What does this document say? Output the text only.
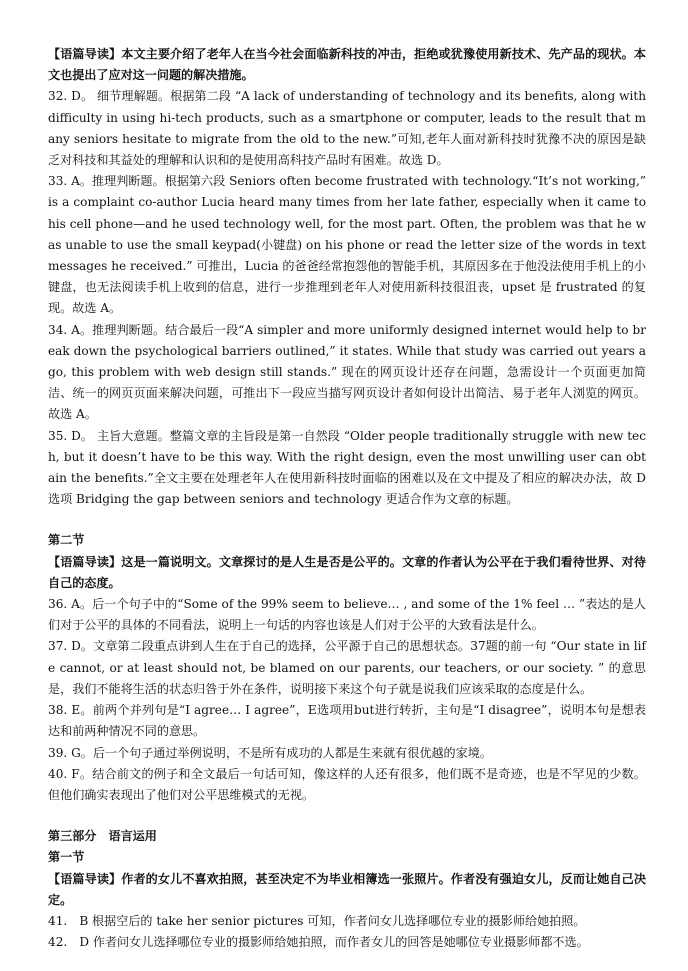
【语篇导读】本文主要介绍了老年人在当今社会面临新科技的冲击，拒绝或犹豫使用新技术、先产品的现状。本文也提出了应对这一问题的解决措施。

32. D。 细节理解题。根据第二段 “A lack of understanding of technology and its benefits, along with difficulty in using hi-tech products, such as a smartphone or computer, leads to the result that many seniors hesitate to migrate from the old to the new.”可知,老年人面对新科技时犹豫不决的原因是缺乏对科技和其益处的理解和认识和的是使用高科技产品时有困难。故选 D。

33. A。推理判断题。根据第六段 Seniors often become frustrated with technology.“It’s not working,” is a complaint co-author Lucia heard many times from her late father, especially when it came to his cell phone—and he used technology well, for the most part. Often, the problem was that he was unable to use the small keypad(小键盘) on his phone or read the letter size of the words in text messages he received.” 可推出，Lucia 的爸爸经常抱怨他的智能手机，其原因多在于他没法使用手机上的小键盘，也无法阅读手机上收到的信息，进行一步推理到老年人对使用新科技很沮丧，upset 是 frustrated 的复现。故选 A。

34. A。推理判断题。结合最后一段“A simpler and more uniformly designed internet would help to break down the psychological barriers outlined,” it states. While that study was carried out years ago, this problem with web design still stands.” 现在的网页设计还存在问题，急需设计一个页面更加简洁、统一的网页页面来解决问题，可推出下一段应当描写网页设计者如何设计出简洁、易于老年人浏览的网页。故选 A。

35. D。 主旨大意题。整篇文章的主旨段是第一自然段 “Older people traditionally struggle with new tech, but it doesn’t have to be this way. With the right design, even the most unwilling user can obtain the benefits.”全文主要在处理老年人在使用新科技时面临的困难以及在文中提及了相应的解决办法，故 D 选项 Bridging the gap between seniors and technology 更适合作为文章的标题。

第二节

【语篇导读】这是一篇说明文。文章探讨的是人生是否是公平的。文章的作者认为公平在于我们看待世界、对待自己的态度。

36. A。后一个句子中的“Some of the 99% seem to believe… , and some of the 1% feel … ”表达的是人们对于公平的具体的不同看法，说明上一句话的内容也该是人们对于公平的大致看法是什么。

37. D。文章第二段重点讲到人生在于自己的选择，公平源于自己的思想状态。37题的前一句 “Our state in life cannot, or at least should not, be blamed on our parents, our teachers, or our society. ” 的意思是，我们不能将生活的状态归咎于外在条件，说明接下来这个句子就是说我们应该采取的态度是什么。

38. E。前两个并列句是“I agree… I agree”，E选项用but进行转折，主句是“I disagree”，说明本句是想表达和前两种情况不同的意思。

39. G。后一个句子通过举例说明，不是所有成功的人都是生来就有很优越的家境。

40. F。结合前文的例子和全文最后一句话可知，像这样的人还有很多，他们既不是奇迹，也是不罕见的少数。但他们确实表现出了他们对公平思维模式的无视。

第三部分　语言运用

第一节

【语篇导读】作者的女儿不喜欢拍照，甚至决定不为毕业相簿选一张照片。作者没有强迫女儿，反而让她自己决定。

41.　B 根据空后的 take her senior pictures 可知，作者问女儿选择哪位专业的摄影师给她拍照。

42.　D 作者问女儿选择哪位专业的摄影师给她拍照，而作者女儿的回答是她哪位专业摄影师都不选。
